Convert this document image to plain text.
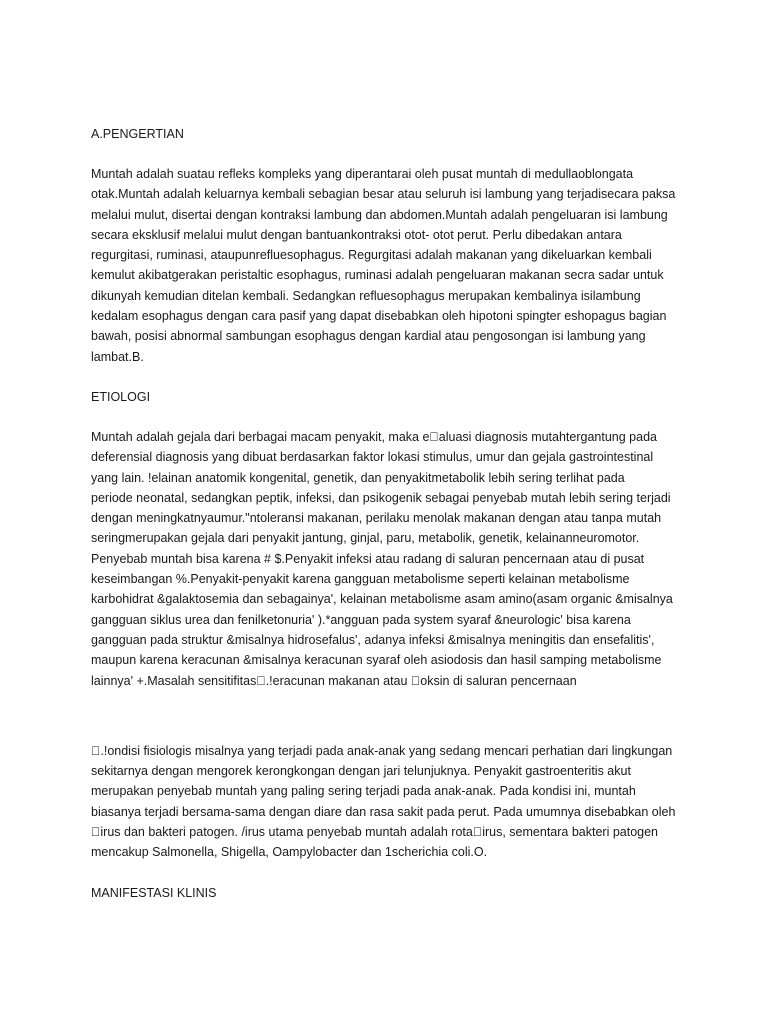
A.PENGERTIAN
Muntah adalah suatau refleks kompleks yang diperantarai oleh pusat muntah di medullaoblongata
otak.Muntah adalah keluarnya kembali sebagian besar atau seluruh isi lambung yang terjadisecara paksa
melalui mulut, disertai dengan kontraksi lambung dan abdomen.Muntah adalah pengeluaran isi lambung
secara eksklusif melalui mulut dengan bantuankontraksi otot- otot perut. Perlu dibedakan antara
regurgitasi, ruminasi, ataupunrefluesophagus. Regurgitasi adalah makanan yang dikeluarkan kembali
kemulut akibatgerakan peristaltic esophagus, ruminasi adalah pengeluaran makanan secra sadar untuk
dikunyah kemudian ditelan kembali. Sedangkan refluesophagus merupakan kembalinya isilambung
kedalam esophagus dengan cara pasif yang dapat disebabkan oleh hipotoni spingter eshopagus bagian
bawah, posisi abnormal sambungan esophagus dengan kardial atau pengosongan isi lambung yang
lambat.B.
ETIOLOGI
Muntah adalah gejala dari berbagai macam penyakit, maka e aluasi diagnosis mutahtergantung pada
deferensial diagnosis yang dibuat berdasarkan faktor lokasi stimulus, umur dan gejala gastrointestinal
yang lain. !elainan anatomik kongenital, genetik, dan penyakitmetabolik lebih sering terlihat pada
periode neonatal, sedangkan peptik, infeksi, dan psikogenik sebagai penyebab mutah lebih sering terjadi
dengan meningkatnyaumur."ntoleransi makanan, perilaku menolak makanan dengan atau tanpa mutah
seringmerupakan gejala dari penyakit jantung, ginjal, paru, metabolik, genetik, kelainanneuromotor.
Penyebab muntah bisa karena # $.Penyakit infeksi atau radang di saluran pencernaan atau di pusat
keseimbangan %.Penyakit-penyakit karena gangguan metabolisme seperti kelainan metabolisme
karbohidrat &galaktosemia dan sebagainya', kelainan metabolisme asam amino(asam organic &misalnya
gangguan siklus urea dan fenilketonuria' ).*angguan pada system syaraf &neurologic' bisa karena
gangguan pada struktur &misalnya hidrosefalus', adanya infeksi &misalnya meningitis dan ensefalitis',
maupun karena keracunan &misalnya keracunan syaraf oleh asiodosis dan hasil samping metabolisme
lainnya' +.Masalah sensitifitas .!eracunan makanan atau  oksin di saluran pencernaan
 .!ondisi fisiologis misalnya yang terjadi pada anak-anak yang sedang mencari perhatian dari lingkungan
sekitarnya dengan mengorek kerongkongan dengan jari telunjuknya. Penyakit gastroenteritis akut
merupakan penyebab muntah yang paling sering terjadi pada anak-anak. Pada kondisi ini, muntah
biasanya terjadi bersama-sama dengan diare dan rasa sakit pada perut. Pada umumnya disebabkan oleh
 irus dan bakteri patogen. /irus utama penyebab muntah adalah rota irus, sementara bakteri patogen
mencakup Salmonella, Shigella, Oampylobacter dan 1scherichia coli.O.
MANIFESTASI KLINIS
